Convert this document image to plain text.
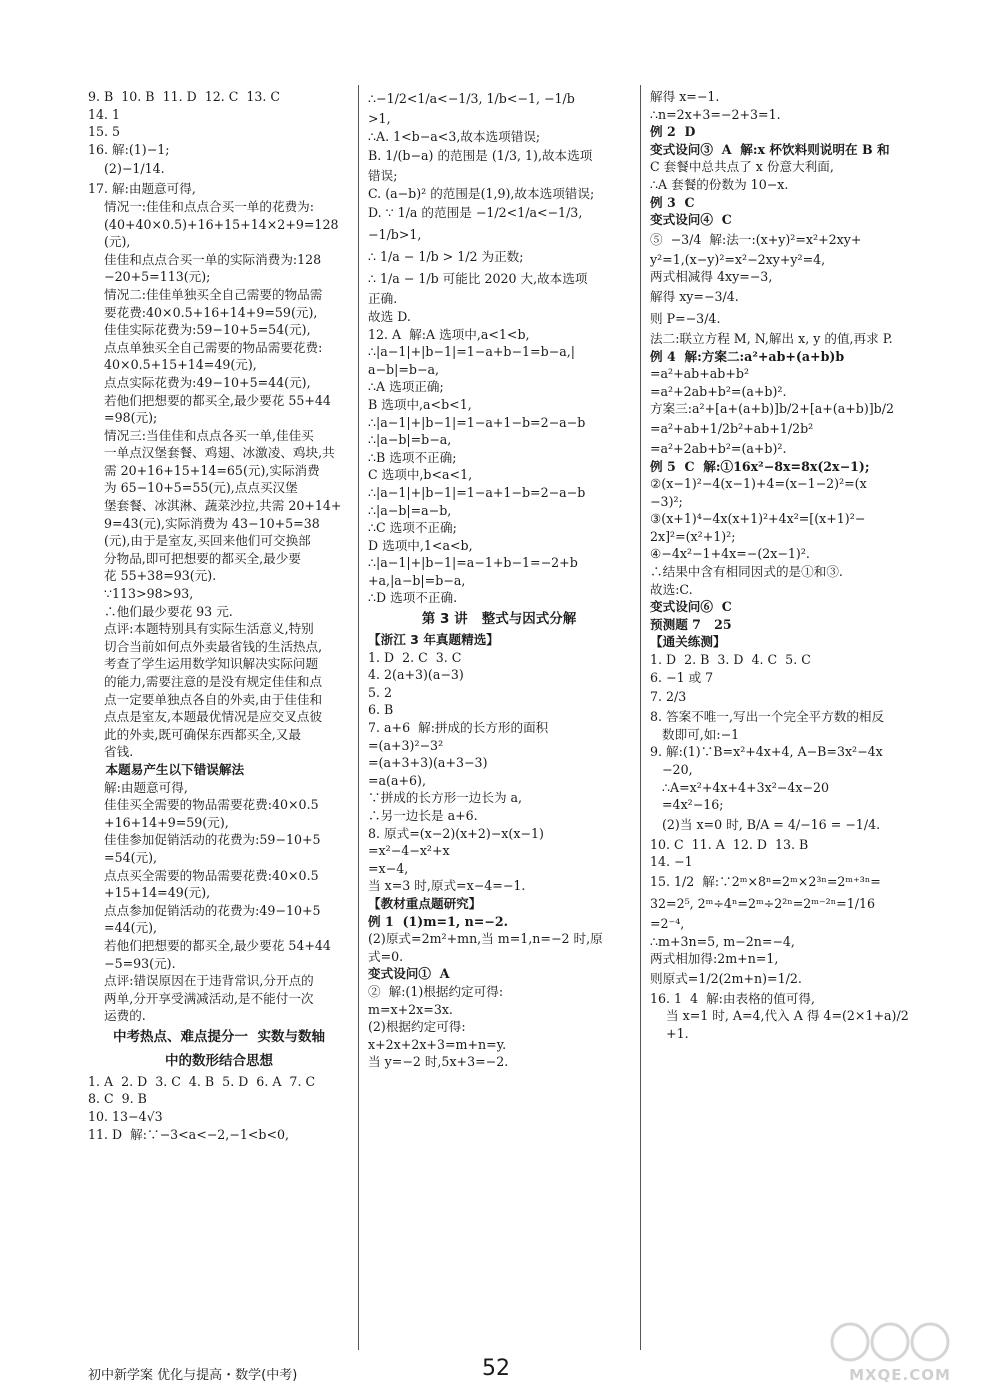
9. B  10. B  11. D  12. C  13. C
14. 1
15. 5
16. 解:(1)−1;
(2)−1/14.
17. 解:由题意可得,
情况一:佳佳和点点合买一单的花费为:
(40+40×0.5)+16+15+14×2+9=128
(元),
佳佳和点点合买一单的实际消费为:128
−20+5=113(元);
情况二:佳佳单独买全自己需要的物品需
要花费:40×0.5+16+14+9=59(元),
佳佳实际花费为:59−10+5=54(元),
点点单独买全自己需要的物品需要花费:
40×0.5+15+14=49(元),
点点实际花费为:49−10+5=44(元),
若他们把想要的都买全,最少要花 55+44
=98(元);
情况三:当佳佳和点点各买一单,佳佳买
一单点汉堡套餐、鸡翅、冰激凌、鸡块,共
需 20+16+15+14=65(元),实际消费
为 65−10+5=55(元),点点买汉堡
堡套餐、冰淇淋、蔬菜沙拉,共需 20+14+
9=43(元),实际消费为 43−10+5=38
(元),由于是室友,买回来他们可交换部
分物品,即可把想要的都买全,最少要
花 55+38=93(元).
∵113>98>93,
∴他们最少要花 93 元.
点评:本题特别具有实际生活意义,特别
切合当前如何点外卖最省钱的生活热点,
考查了学生运用数学知识解决实际问题
的能力,需要注意的是没有规定佳佳和点
点一定要单独点各自的外卖,由于佳佳和
点点是室友,本题最优情况是应交叉点彼
此的外卖,既可确保东西都买全,又最
省钱.
本题易产生以下错误解法
解:由题意可得,
佳佳买全需要的物品需要花费:40×0.5
+16+14+9=59(元),
佳佳参加促销活动的花费为:59−10+5
=54(元),
点点买全需要的物品需要花费:40×0.5
+15+14=49(元),
点点参加促销活动的花费为:49−10+5
=44(元),
若他们把想要的都买全,最少要花 54+44
−5=93(元).
点评:错误原因在于违背常识,分开点的
两单,分开享受满减活动,是不能付一次
运费的.
中考热点、难点提分一  实数与数轴
中的数形结合思想
1. A  2. D  3. C  4. B  5. D  6. A  7. C
8. C  9. B
10. 13−4√3
11. D  解:∵−3<a<−2,−1<b<0,
∴−1/2<1/a<−1/3, 1/b<−1, −1/b
>1,
∴A. 1<b−a<3,故本选项错误;
B. 1/(b−a) 的范围是 (1/3, 1),故本选项
错误;
C. (a−b)² 的范围是(1,9),故本选项错误;
D. ∵ 1/a 的范围是 −1/2<1/a<−1/3,
−1/b>1,
∴ 1/a − 1/b > 1/2 为正数;
∴ 1/a − 1/b 可能比 2020 大,故本选项
正确.
故选 D.
12. A  解:A 选项中,a<1<b,
∴|a−1|+|b−1|=1−a+b−1=b−a,|
a−b|=b−a,
∴A 选项正确;
B 选项中,a<b<1,
∴|a−1|+|b−1|=1−a+1−b=2−a−b
∴|a−b|=b−a,
∴B 选项不正确;
C 选项中,b<a<1,
∴|a−1|+|b−1|=1−a+1−b=2−a−b
∴|a−b|=a−b,
∴C 选项不正确;
D 选项中,1<a<b,
∴|a−1|+|b−1|=a−1+b−1=−2+b
+a,|a−b|=b−a,
∴D 选项不正确.
第 3 讲   整式与因式分解
【浙江 3 年真题精选】
1. D  2. C  3. C
4. 2(a+3)(a−3)
5. 2
6. B
7. a+6  解:拼成的长方形的面积
=(a+3)²−3²
=(a+3+3)(a+3−3)
=a(a+6),
∵拼成的长方形一边长为 a,
∴另一边长是 a+6.
8. 原式=(x−2)(x+2)−x(x−1)
=x²−4−x²+x
=x−4,
当 x=3 时,原式=x−4=−1.
【教材重点题研究】
例 1  (1)m=1, n=−2.
(2)原式=2m²+mn,当 m=1,n=−2 时,原
式=0.
变式设问①  A
②  解:(1)根据约定可得:
m=x+2x=3x.
(2)根据约定可得:
x+2x+2x+3=m+n=y.
当 y=−2 时,5x+3=−2.
解得 x=−1.
∴n=2x+3=−2+3=1.
例 2  D
变式设问③  A  解:x 杯饮料则说明在 B 和
C 套餐中总共点了 x 份意大利面,
∴A 套餐的份数为 10−x.
例 3  C
变式设问④  C
⑤  −3/4  解:法一:(x+y)²=x²+2xy+
y²=1,(x−y)²=x²−2xy+y²=4,
两式相减得 4xy=−3,
解得 xy=−3/4.
则 P=−3/4.
法二:联立方程 M, N,解出 x, y 的值,再求 P.
例 4  解:方案二:a²+ab+(a+b)b
=a²+ab+ab+b²
=a²+2ab+b²=(a+b)².
方案三:a²+[a+(a+b)]b/2+[a+(a+b)]b/2
=a²+ab+1/2b²+ab+1/2b²
=a²+2ab+b²=(a+b)².
例 5  C  解:①16x²−8x=8x(2x−1);
②(x−1)²−4(x−1)+4=(x−1−2)²=(x
−3)²;
③(x+1)⁴−4x(x+1)²+4x²=[(x+1)²−
2x]²=(x²+1)²;
④−4x²−1+4x=−(2x−1)².
∴结果中含有相同因式的是①和③.
故选:C.
变式设问⑥  C
预测题 7   25
【通关练测】
1. D  2. B  3. D  4. C  5. C
6. −1 或 7
7. 2/3
8. 答案不唯一,写出一个完全平方数的相反
数即可,如:−1
9. 解:(1)∵B=x²+4x+4, A−B=3x²−4x
−20,
∴A=x²+4x+4+3x²−4x−20
=4x²−16;
(2)当 x=0 时, B/A = 4/−16 = −1/4.
10. C  11. A  12. D  13. B
14. −1
15. 1/2  解:∵2ᵐ×8ⁿ=2ᵐ×2³ⁿ=2ᵐ⁺³ⁿ=
32=2⁵, 2ᵐ÷4ⁿ=2ᵐ÷2²ⁿ=2ᵐ⁻²ⁿ=1/16
=2⁻⁴,
∴m+3n=5, m−2n=−4,
两式相加得:2m+n=1,
则原式=1/2(2m+n)=1/2.
16. 1  4  解:由表格的值可得,
当 x=1 时, A=4,代入 A 得 4=(2×1+a)/2
+1.
初中新学案 优化与提高・数学(中考)	52	MXQE.COM
